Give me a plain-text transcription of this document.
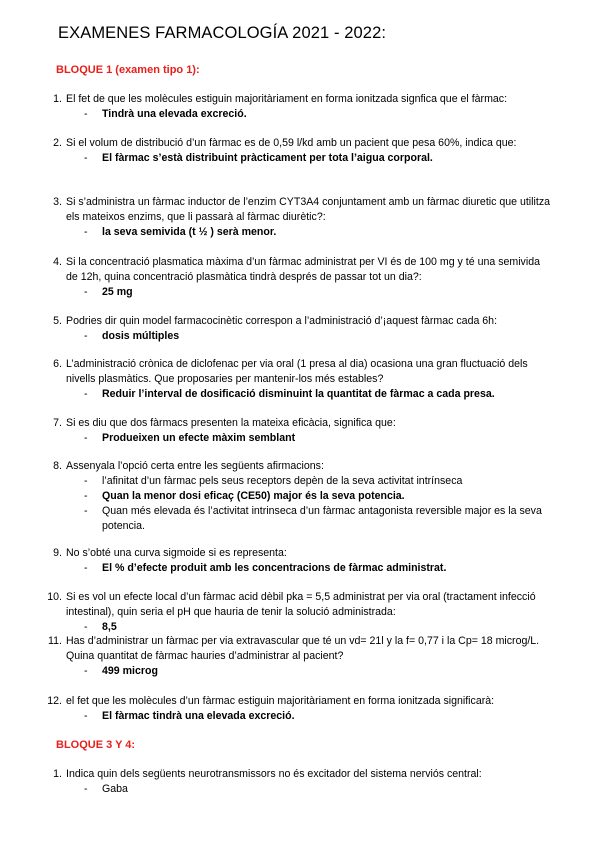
EXAMENES FARMACOLOGÍA 2021 - 2022:
BLOQUE 1 (examen tipo 1):
1. El fet de que les molècules estiguin majoritàriament en forma ionitzada signfica que el fàrmac:
- Tindrà una elevada excreció.
2. Si el volum de distribució d’un fàrmac es de 0,59 l/kd amb un pacient que pesa 60%, indica que:
- El fàrmac s’està distribuint pràcticament per tota l’aigua corporal.
3. Si s’administra un fàrmac inductor de l’enzim CYT3A4 conjuntament amb un fàrmac diuretic que utilitza els mateixos enzims, que li passarà al fàrmac diurètic?:
- la seva semivida (t ½ ) serà menor.
4. Si la concentració plasmatica màxima d’un fàrmac administrat per VI és de 100 mg y té una semivida de 12h, quina concentració plasmàtica tindrà després de passar tot un dia?:
- 25 mg
5. Podries dir quin model farmacocinètic correspon a l’administració d’¡aquest fàrmac cada 6h:
- dosis múltiples
6. L’administració crònica de diclofenac per via oral (1 presa al dia) ocasiona una gran fluctuació dels nivells plasmàtics. Que proposaries per mantenir-los més estables?
- Reduir l’interval de dosificació disminuint la quantitat de fàrmac a cada presa.
7. Si es diu que dos fàrmacs presenten la mateixa eficàcia, significa que:
- Produeixen un efecte màxim semblant
8. Assenyala l’opció certa entre les següents afirmacions:
- l’afinitat d’un fàrmac pels seus receptors depèn de la seva activitat intrínseca
- Quan la menor dosi eficaç (CE50) major és la seva potencia.
- Quan més elevada és l’activitat intrinseca d’un fàrmac antagonista reversible major es la seva potencia.
9. No s’obté una curva sigmoide si es representa:
- El % d’efecte produit amb les concentracions de fàrmac administrat.
10. Si es vol un efecte local d’un fàrmac acid dèbil pka = 5,5 administrat per via oral (tractament infecció intestinal), quin seria el pH que hauria de tenir la solució administrada:
- 8,5
11. Has d’administrar un fàrmac per via extravascular que té un vd= 21l y la f= 0,77 i la Cp= 18 microg/L. Quina quantitat de fàrmac hauries d’administrar al pacient?
- 499 microg
12. el fet que les molècules d’un fàrmac estiguin majoritàriament en forma ionitzada significarà:
- El fàrmac tindrà una elevada excreció.
BLOQUE 3 Y 4:
1. Indica quin dels següents neurotransmissors no és excitador del sistema nerviós central:
- Gaba
